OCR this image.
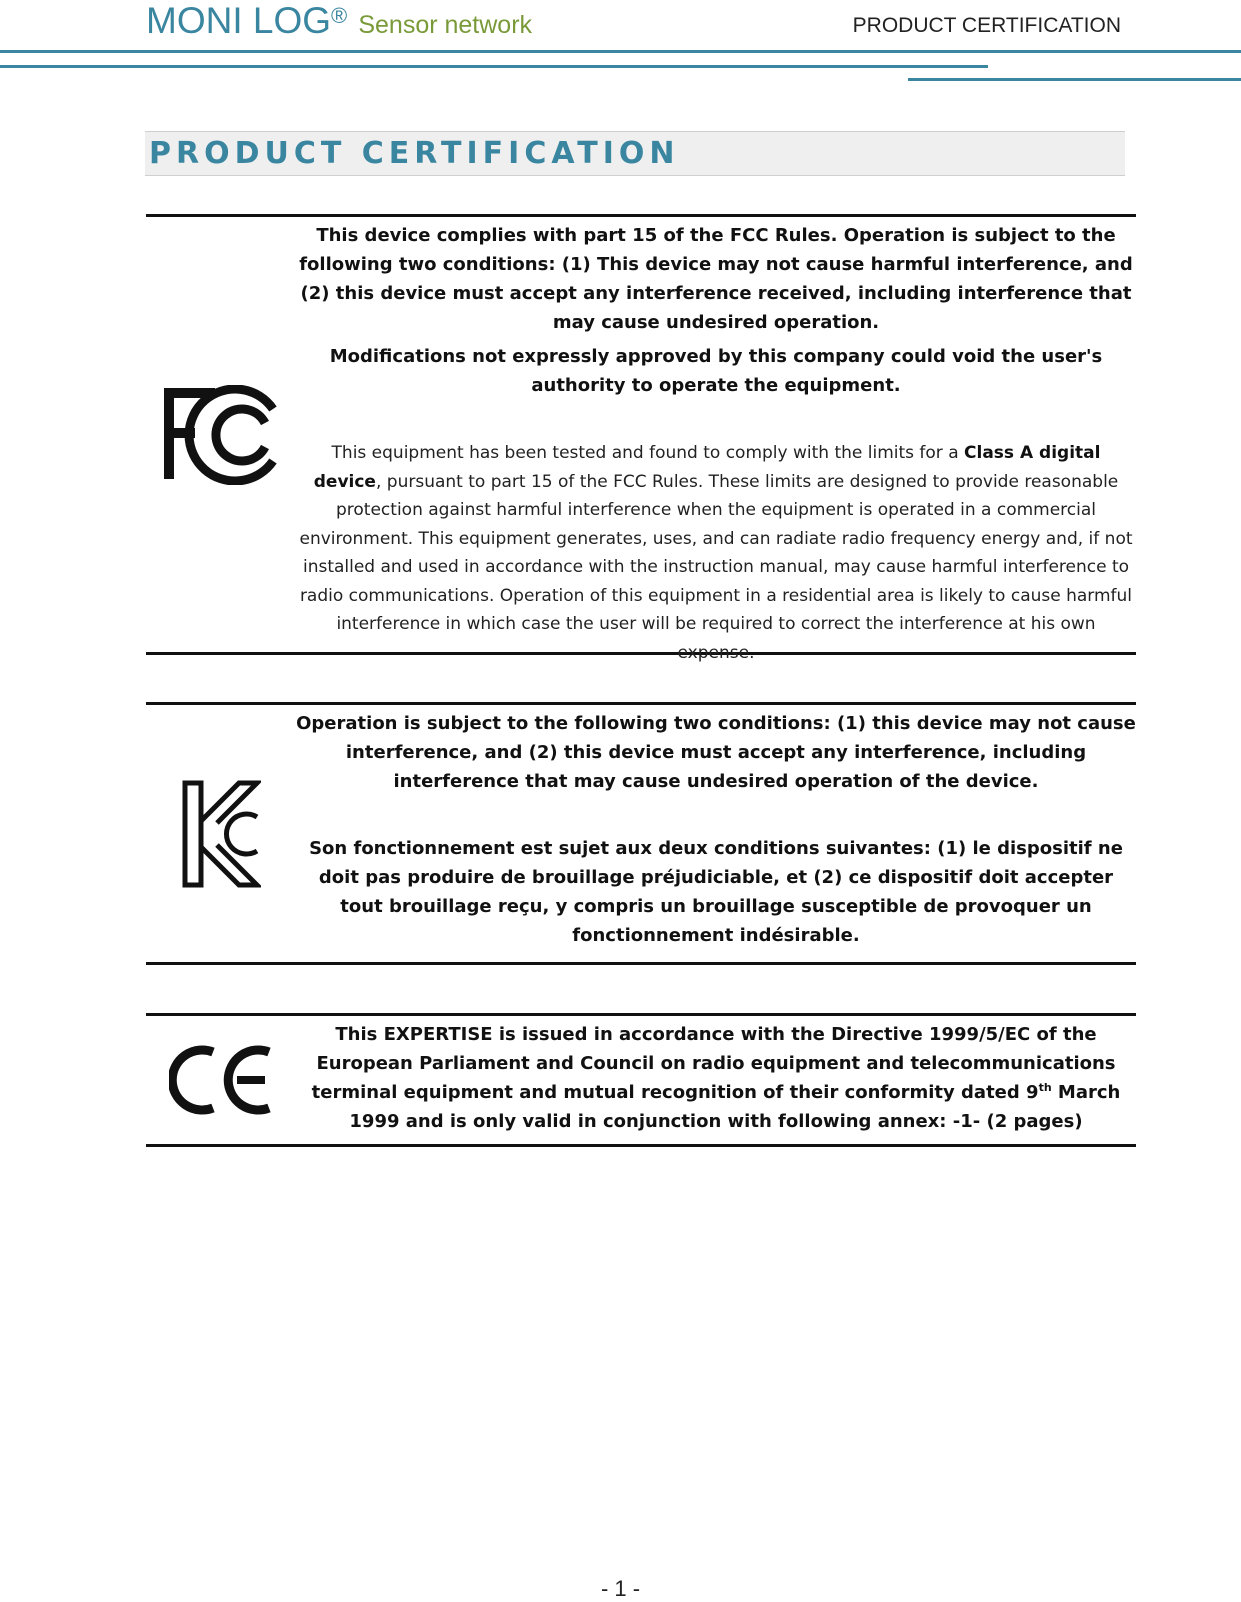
MONI LOG® Sensor network	PRODUCT CERTIFICATION
PRODUCT CERTIFICATION

This device complies with part 15 of the FCC Rules. Operation is subject to the following two conditions: (1) This device may not cause harmful interference, and (2) this device must accept any interference received, including interference that may cause undesired operation.

Modifications not expressly approved by this company could void the user's authority to operate the equipment.

This equipment has been tested and found to comply with the limits for a Class A digital device, pursuant to part 15 of the FCC Rules. These limits are designed to provide reasonable protection against harmful interference when the equipment is operated in a commercial environment. This equipment generates, uses, and can radiate radio frequency energy and, if not installed and used in accordance with the instruction manual, may cause harmful interference to radio communications. Operation of this equipment in a residential area is likely to cause harmful interference in which case the user will be required to correct the interference at his own expense.

Operation is subject to the following two conditions: (1) this device may not cause interference, and (2) this device must accept any interference, including interference that may cause undesired operation of the device.

Son fonctionnement est sujet aux deux conditions suivantes: (1) le dispositif ne doit pas produire de brouillage préjudiciable, et (2) ce dispositif doit accepter tout brouillage reçu, y compris un brouillage susceptible de provoquer un fonctionnement indésirable.

This EXPERTISE is issued in accordance with the Directive 1999/5/EC of the European Parliament and Council on radio equipment and telecommunications terminal equipment and mutual recognition of their conformity dated 9th March 1999 and is only valid in conjunction with following annex: -1- (2 pages)

- 1 -
